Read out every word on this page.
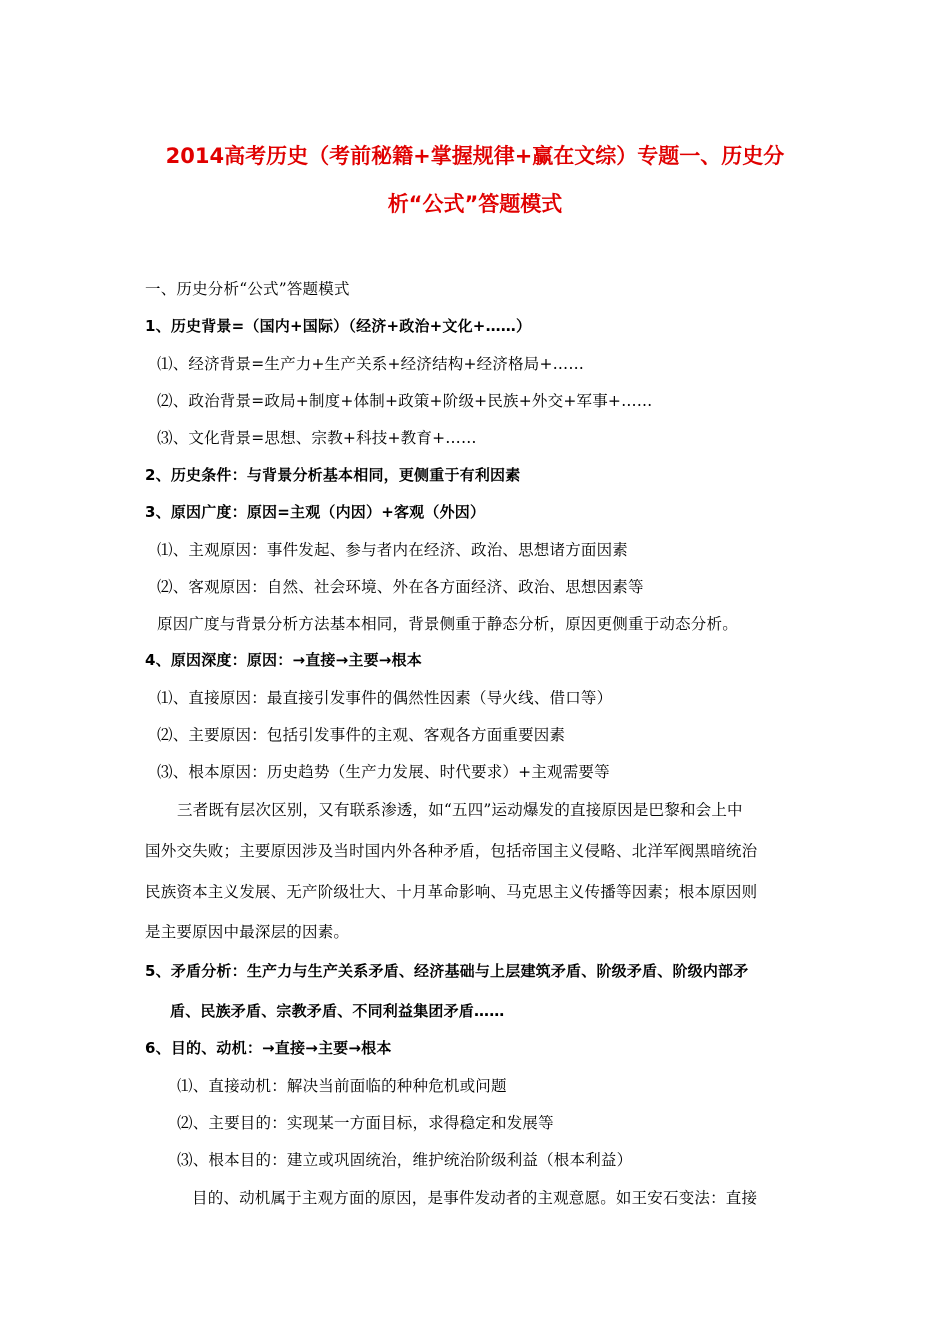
2014高考历史（考前秘籍+掌握规律+赢在文综）专题一、历史分
析“公式”答题模式
一、历史分析“公式”答题模式
1、历史背景=（国内+国际）（经济+政治+文化+……）
⑴、经济背景=生产力+生产关系+经济结构+经济格局+……
⑵、政治背景=政局+制度+体制+政策+阶级+民族+外交+军事+……
⑶、文化背景=思想、宗教+科技+教育+……
2、历史条件：与背景分析基本相同，更侧重于有利因素
3、原因广度：原因=主观（内因）+客观（外因）
⑴、主观原因：事件发起、参与者内在经济、政治、思想诸方面因素
⑵、客观原因：自然、社会环境、外在各方面经济、政治、思想因素等
原因广度与背景分析方法基本相同，背景侧重于静态分析，原因更侧重于动态分析。
4、原因深度：原因：→直接→主要→根本
⑴、直接原因：最直接引发事件的偶然性因素（导火线、借口等）
⑵、主要原因：包括引发事件的主观、客观各方面重要因素
⑶、根本原因：历史趋势（生产力发展、时代要求）+主观需要等
三者既有层次区别，又有联系渗透，如“五四”运动爆发的直接原因是巴黎和会上中
国外交失败；主要原因涉及当时国内外各种矛盾，包括帝国主义侵略、北洋军阀黑暗统治
民族资本主义发展、无产阶级壮大、十月革命影响、马克思主义传播等因素；根本原因则
是主要原因中最深层的因素。
5、矛盾分析：生产力与生产关系矛盾、经济基础与上层建筑矛盾、阶级矛盾、阶级内部矛
盾、民族矛盾、宗教矛盾、不同利益集团矛盾……
6、目的、动机：→直接→主要→根本
⑴、直接动机：解决当前面临的种种危机或问题
⑵、主要目的：实现某一方面目标，求得稳定和发展等
⑶、根本目的：建立或巩固统治，维护统治阶级利益（根本利益）
目的、动机属于主观方面的原因，是事件发动者的主观意愿。如王安石变法：直接
